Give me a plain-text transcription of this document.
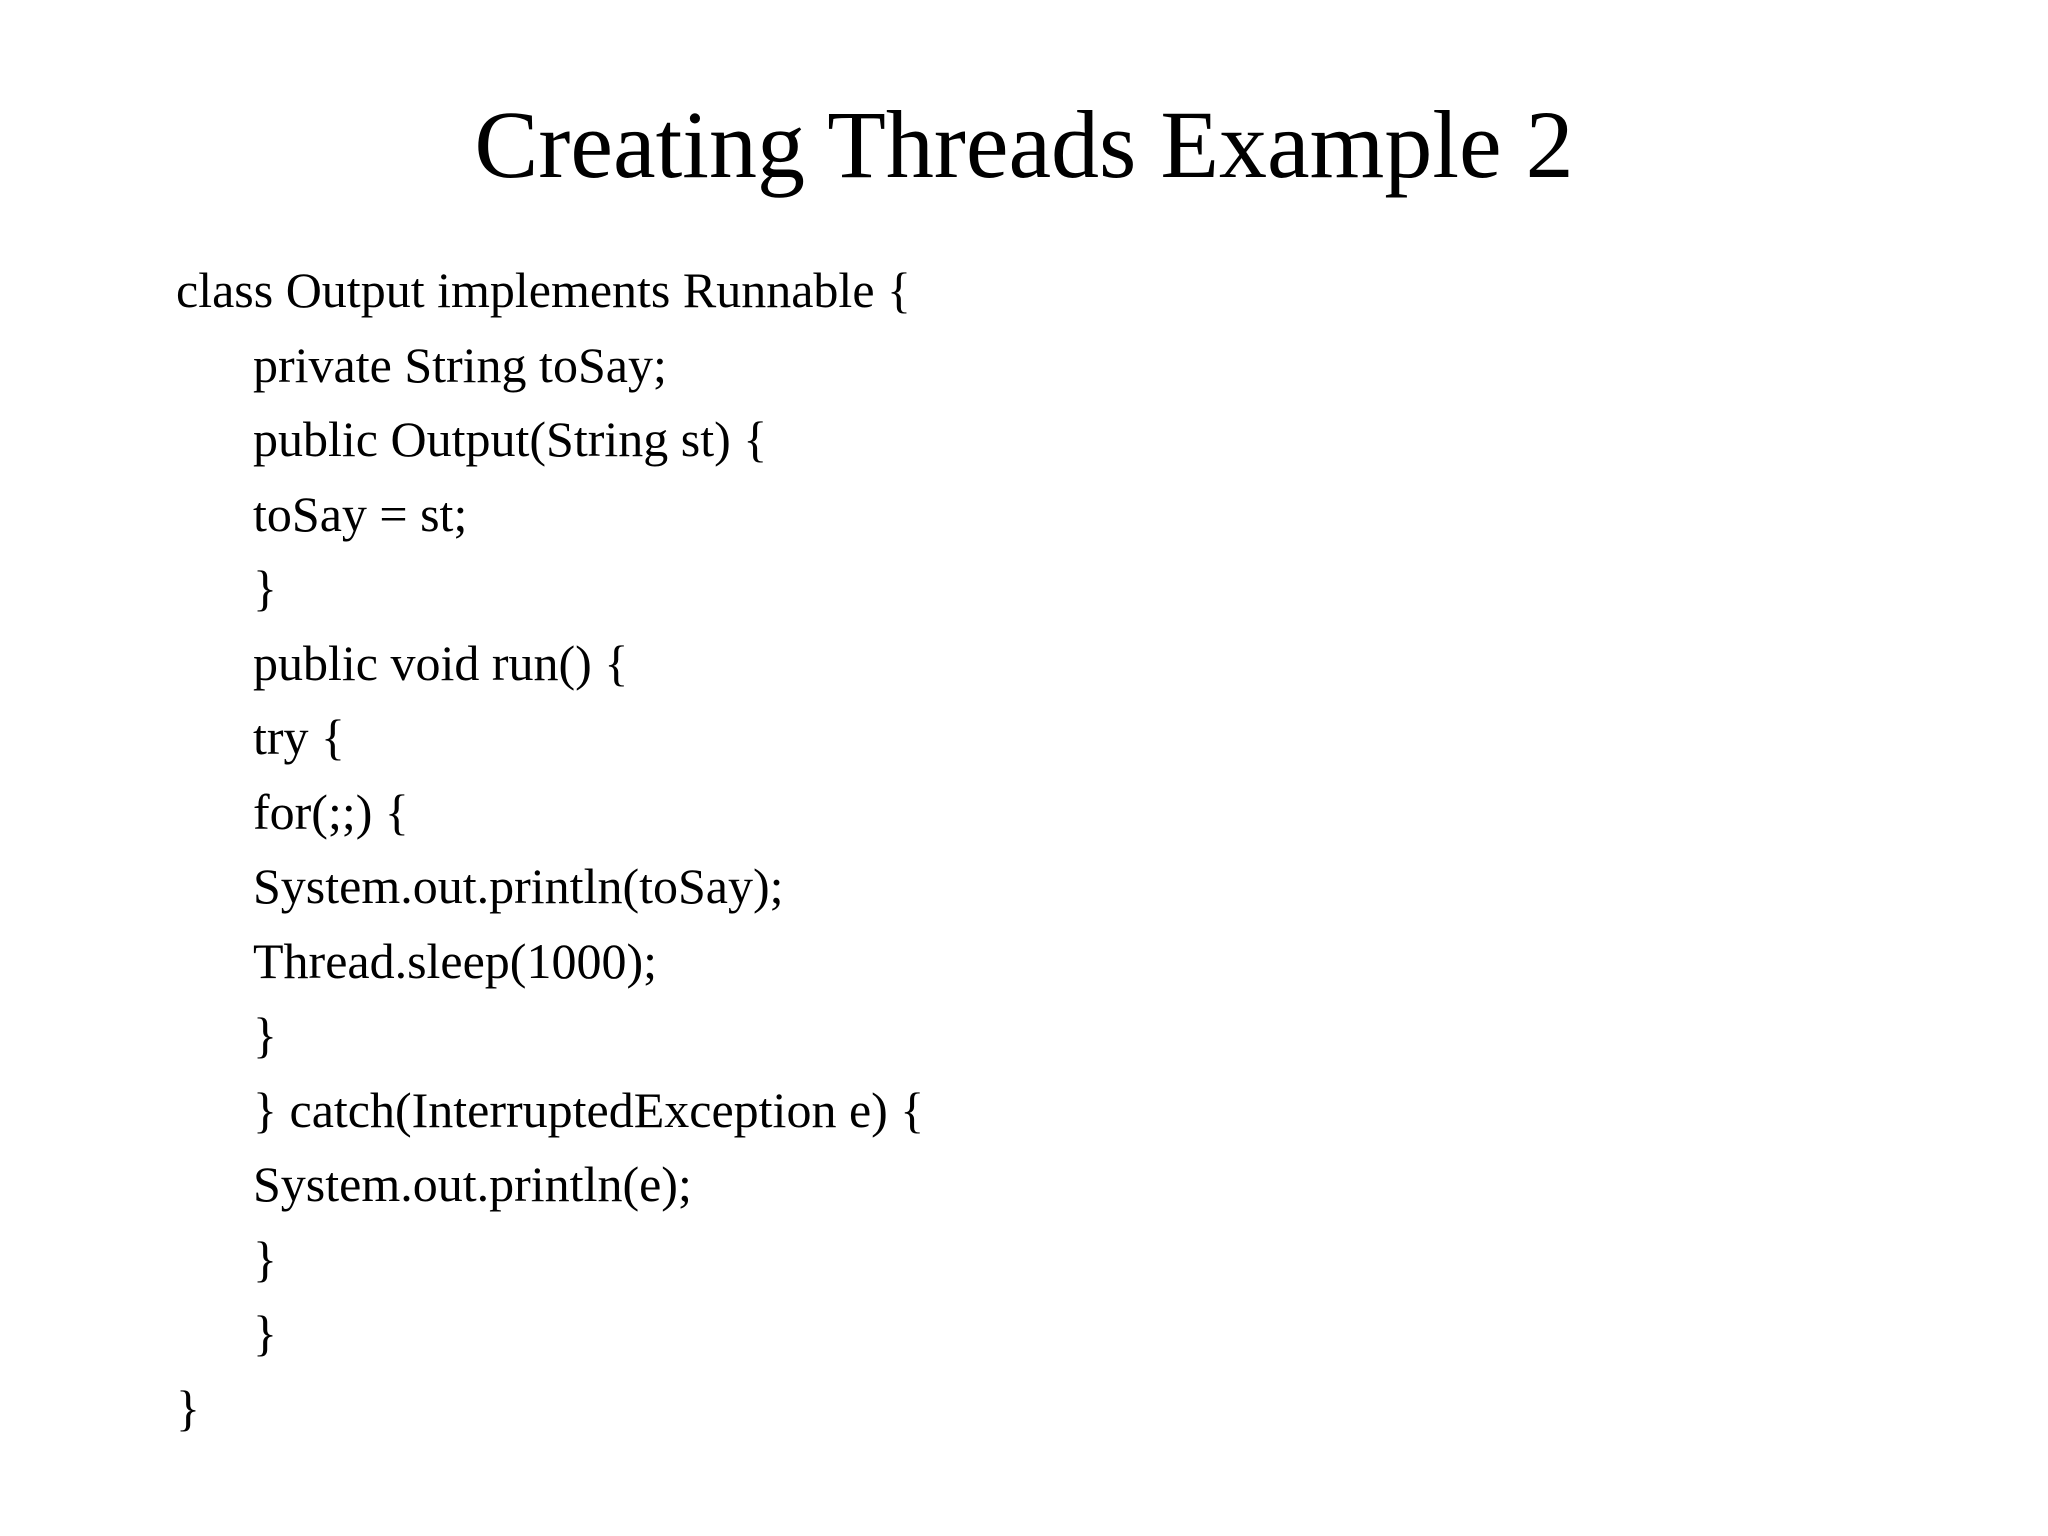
Creating Threads Example 2
class Output implements Runnable {
private String toSay;
public Output(String st) {
toSay = st;
}
public void run() {
try {
for(;;) {
System.out.println(toSay);
Thread.sleep(1000);
}
} catch(InterruptedException e) {
System.out.println(e);
}
}
}
